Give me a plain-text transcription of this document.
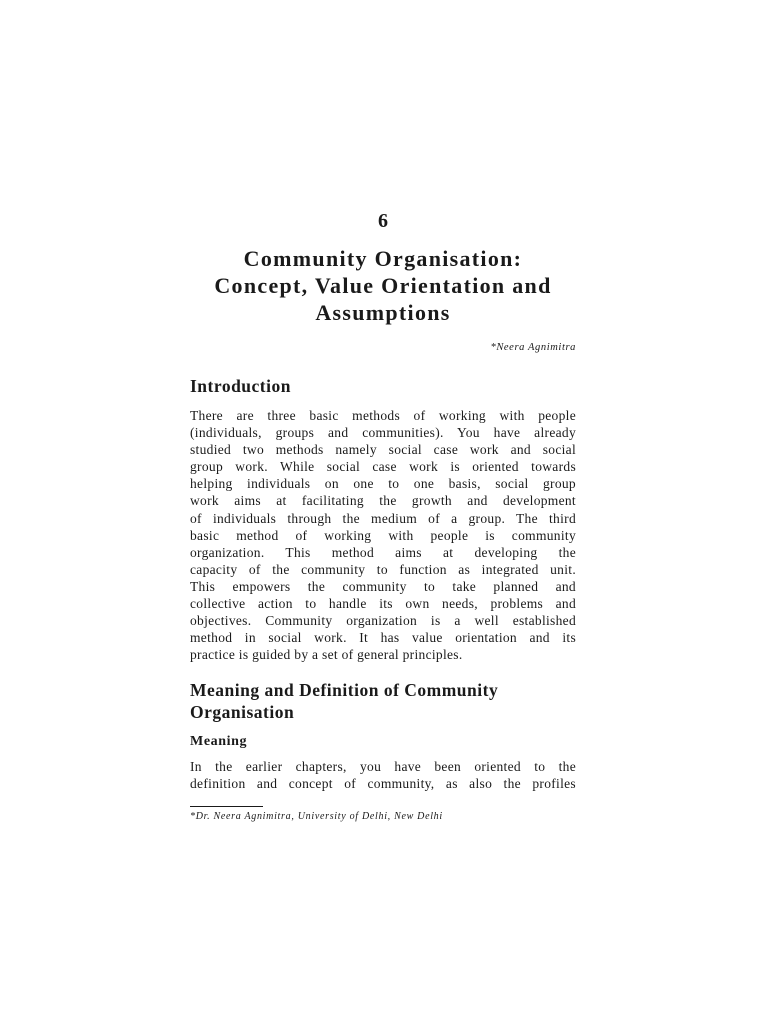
6
Community Organisation:
Concept, Value Orientation and
Assumptions
*Neera Agnimitra
Introduction
There are three basic methods of working with people
(individuals, groups and communities). You have already
studied two methods namely social case work and social
group work. While social case work is oriented towards
helping individuals on one to one basis, social group
work aims at facilitating the growth and development
of individuals through the medium of a group. The third
basic method of working with people is community
organization. This method aims at developing the
capacity of the community to function as integrated unit.
This empowers the community to take planned and
collective action to handle its own needs, problems and
objectives. Community organization is a well established
method in social work. It has value orientation and its
practice is guided by a set of general principles.
Meaning and Definition of Community
Organisation
Meaning
In the earlier chapters, you have been oriented to the
definition and concept of community, as also the profiles
*Dr. Neera Agnimitra, University of Delhi, New Delhi
